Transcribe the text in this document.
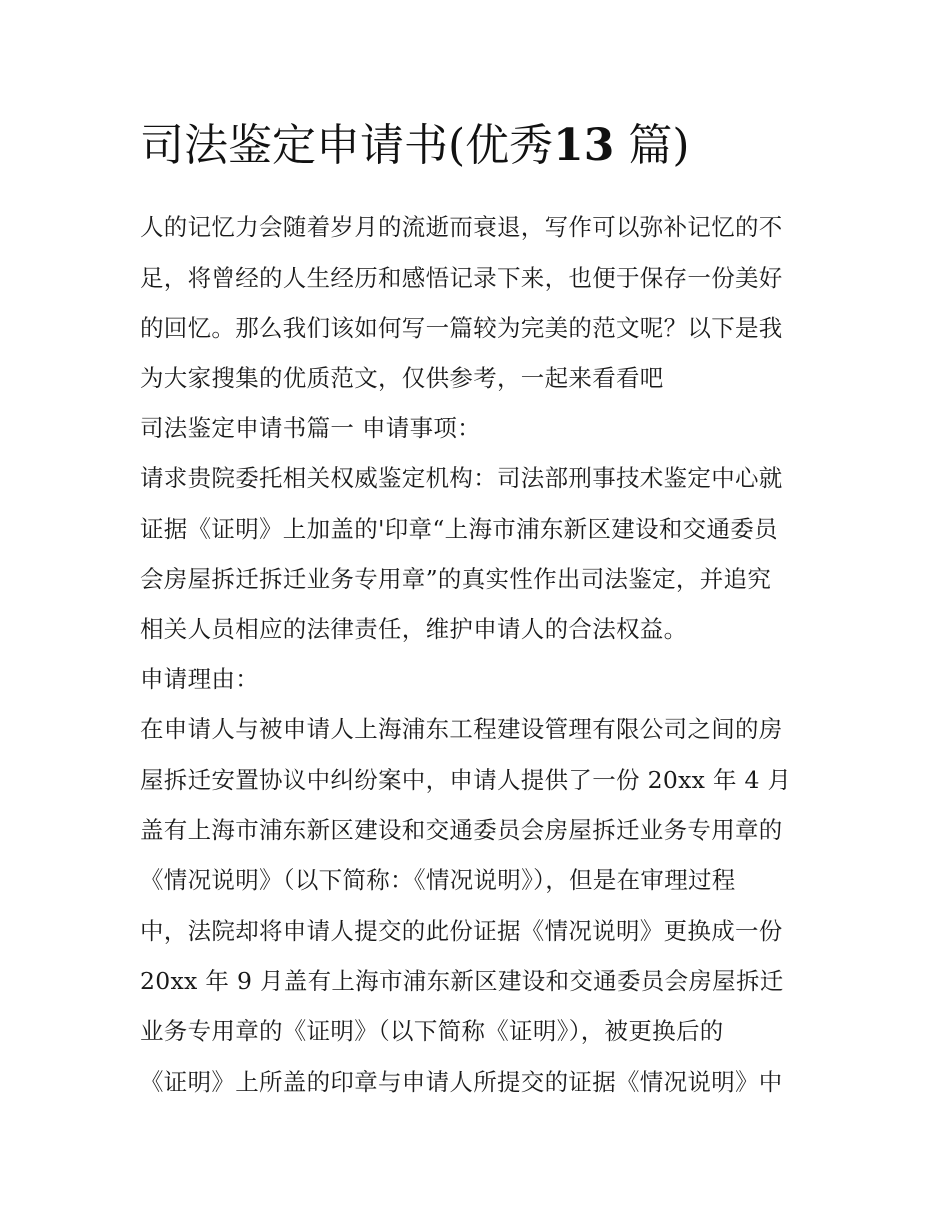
司法鉴定申请书(优秀13 篇)

人的记忆力会随着岁月的流逝而衰退，写作可以弥补记忆的不

足，将曾经的人生经历和感悟记录下来，也便于保存一份美好

的回忆。那么我们该如何写一篇较为完美的范文呢？以下是我

为大家搜集的优质范文，仅供参考，一起来看看吧

司法鉴定申请书篇一 申请事项：

请求贵院委托相关权威鉴定机构：司法部刑事技术鉴定中心就

证据《证明》上加盖的'印章“上海市浦东新区建设和交通委员

会房屋拆迁拆迁业务专用章”的真实性作出司法鉴定，并追究

相关人员相应的法律责任，维护申请人的合法权益。

申请理由：

在申请人与被申请人上海浦东工程建设管理有限公司之间的房

屋拆迁安置协议中纠纷案中，申请人提供了一份 20xx 年 4 月

盖有上海市浦东新区建设和交通委员会房屋拆迁业务专用章的

《情况说明》（以下简称：《情况说明》），但是在审理过程

中，法院却将申请人提交的此份证据《情况说明》更换成一份

20xx 年 9 月盖有上海市浦东新区建设和交通委员会房屋拆迁

业务专用章的《证明》（以下简称《证明》），被更换后的

《证明》上所盖的印章与申请人所提交的证据《情况说明》中
